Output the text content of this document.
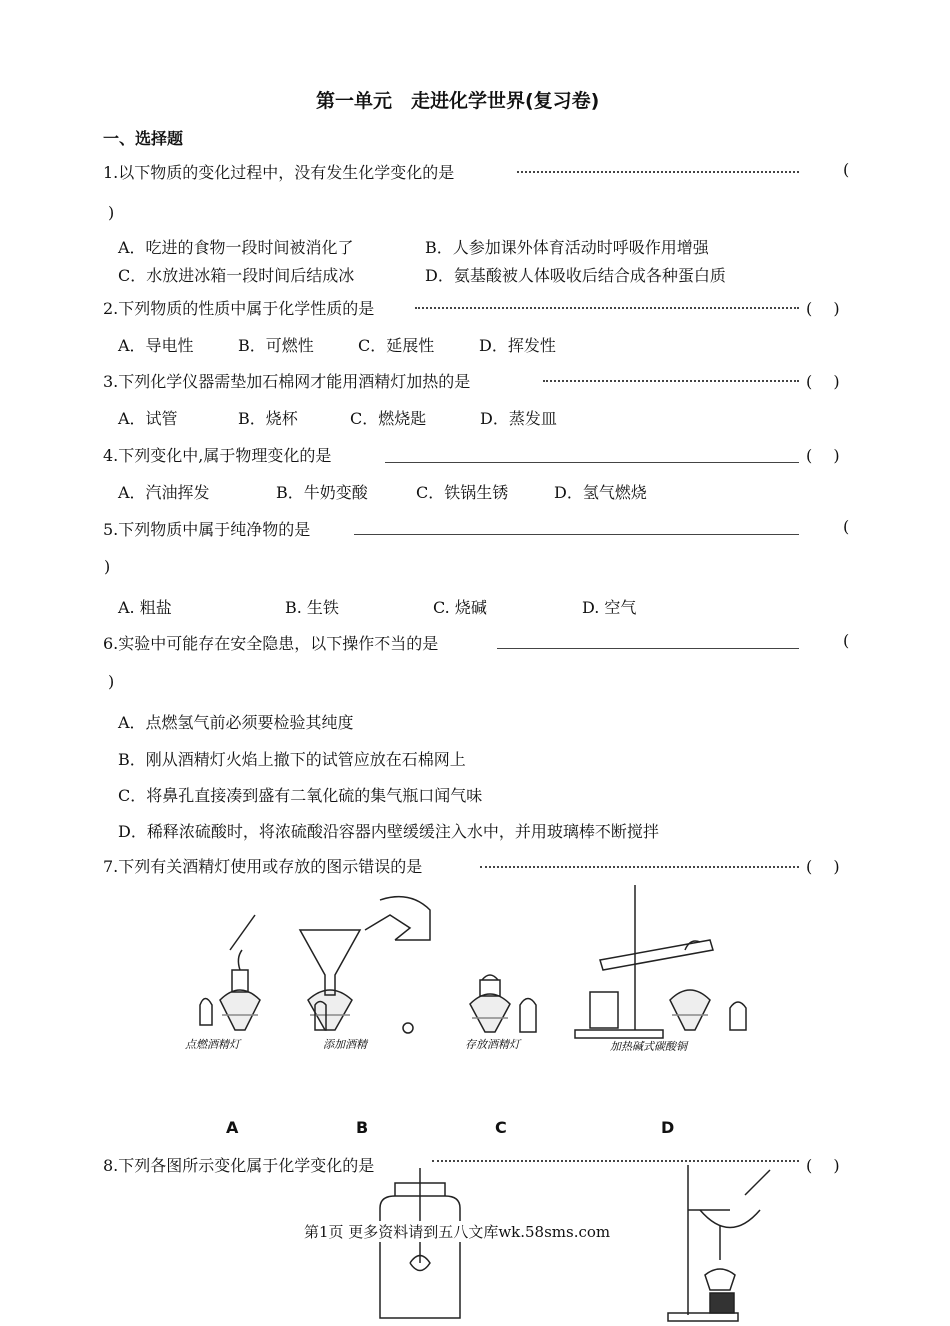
第一单元　走进化学世界(复习卷)
一、选择题
1.以下物质的变化过程中，没有发生化学变化的是	(
)
A．吃进的食物一段时间被消化了	B．人参加课外体育活动时呼吸作用增强
C．水放进冰箱一段时间后结成冰	D．氨基酸被人体吸收后结合成各种蛋白质
2.下列物质的性质中属于化学性质的是	(　 )
A．导电性	B．可燃性	C．延展性	D．挥发性
3.下列化学仪器需垫加石棉网才能用酒精灯加热的是	(　 )
A．试管	B．烧杯	C．燃烧匙	D．蒸发皿
4.下列变化中,属于物理变化的是	(　 )
A．汽油挥发	B．牛奶变酸	C．铁锅生锈	D．氢气燃烧
5.下列物质中属于纯净物的是	(
)
A. 粗盐	B. 生铁	C. 烧碱	D. 空气
6.实验中可能存在安全隐患，以下操作不当的是	(
)
A．点燃氢气前必须要检验其纯度
B．刚从酒精灯火焰上撤下的试管应放在石棉网上
C．将鼻孔直接凑到盛有二氧化硫的集气瓶口闻气味
D．稀释浓硫酸时，将浓硫酸沿容器内壁缓缓注入水中，并用玻璃棒不断搅拌
7.下列有关酒精灯使用或存放的图示错误的是	(　 )
点燃酒精灯	添加酒精	存放酒精灯	加热碱式碳酸铜
A	B	C	D
8.下列各图所示变化属于化学变化的是	(　 )
第1页 更多资料请到五八文库wk.58sms.com
